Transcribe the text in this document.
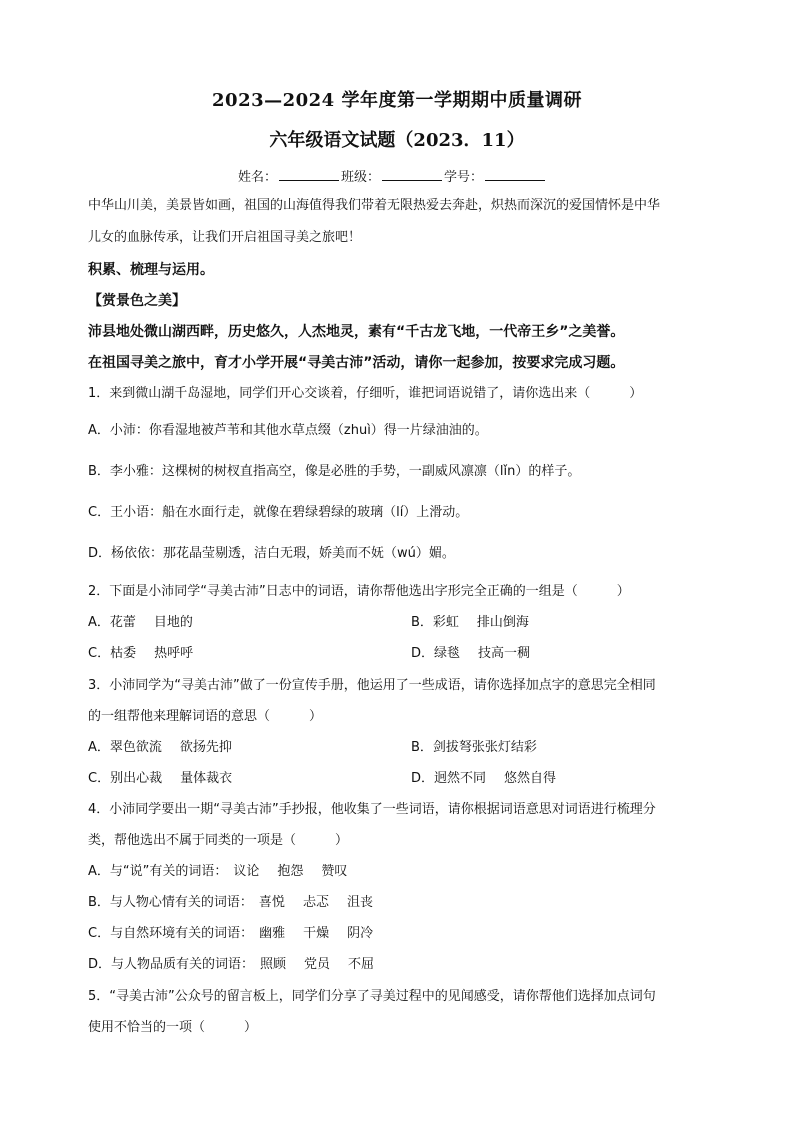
2023—2024 学年度第一学期期中质量调研
六年级语文试题（2023．11）
姓名：	班级：	学号：
中华山川美，美景皆如画，祖国的山海值得我们带着无限热爱去奔赴，炽热而深沉的爱国情怀是中华
儿女的血脉传承，让我们开启祖国寻美之旅吧！
积累、梳理与运用。
【赏景色之美】
沛县地处微山湖西畔，历史悠久，人杰地灵，素有“千古龙飞地，一代帝王乡”之美誉。
在祖国寻美之旅中，育才小学开展“寻美古沛”活动，请你一起参加，按要求完成习题。
1．来到微山湖千岛湿地，同学们开心交谈着，仔细听，谁把词语说错了，请你选出来（　　　）
A．小沛：你看湿地被芦苇和其他水草点缀（zhuì）得一片绿油油的。
B．李小雅：这棵树的树杈直指高空，像是必胜的手势，一副威风凛凛（lǐn）的样子。
C．王小语：船在水面行走，就像在碧绿碧绿的玻璃（lí）上滑动。
D．杨依依：那花晶莹剔透，洁白无瑕，娇美而不妩（wú）媚。
2．下面是小沛同学“寻美古沛”日志中的词语，请你帮他选出字形完全正确的一组是（　　　）
A．花蕾 目地的	B．彩虹 排山倒海
C．枯委 热呼呼	D．绿毯 技高一稠
3．小沛同学为“寻美古沛”做了一份宣传手册，他运用了一些成语，请你选择加点字的意思完全相同
的一组帮他来理解词语的意思（　　　）
A．翠色欲流 欲扬先抑	B．剑拔弩张张灯结彩
C．别出心裁 量体裁衣	D．迥然不同 悠然自得
4．小沛同学要出一期“寻美古沛”手抄报，他收集了一些词语，请你根据词语意思对词语进行梳理分
类，帮他选出不属于同类的一项是（　　　）
A．与“说”有关的词语： 议论 抱怨 赞叹
B．与人物心情有关的词语： 喜悦 忐忑 沮丧
C．与自然环境有关的词语： 幽雅 干燥 阴冷
D．与人物品质有关的词语： 照顾 党员 不屈
5．“寻美古沛”公众号的留言板上，同学们分享了寻美过程中的见闻感受，请你帮他们选择加点词句
使用不恰当的一项（　　　）
